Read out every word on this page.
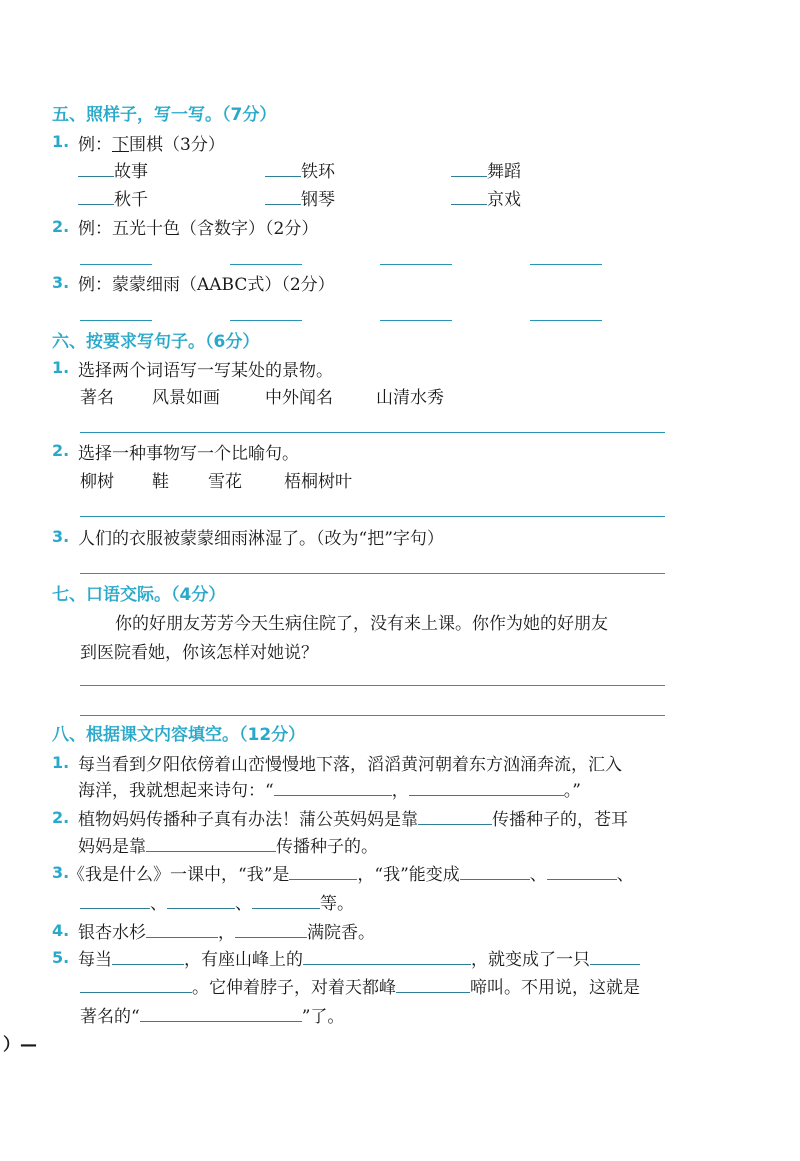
五、照样子，写一写。（7分）
1. 例：下围棋（3分）
故事	铁环	舞蹈
秋千	钢琴	京戏
2. 例：五光十色（含数字）（2分）
3. 例：蒙蒙细雨（AABC式）（2分）
六、按要求写句子。（6分）
1. 选择两个词语写一写某处的景物。
著名 风景如画	中外闻名	山清水秀
2. 选择一种事物写一个比喻句。
柳树 鞋 雪花 梧桐树叶
3. 人们的衣服被蒙蒙细雨淋湿了。（改为“把”字句）
七、口语交际。（4分）
你的好朋友芳芳今天生病住院了，没有来上课。你作为她的好朋友
到医院看她，你该怎样对她说？
八、根据课文内容填空。（12分）
1. 每当看到夕阳依傍着山峦慢慢地下落，滔滔黄河朝着东方汹涌奔流，汇入
海洋，我就想起来诗句：“	，	。”
2. 植物妈妈传播种子真有办法！蒲公英妈妈是靠	传播种子的，苍耳
妈妈是靠	传播种子的。
3.
《我是什么》一课中，“我”是	，“我”能变成	、	、
、	、	等。
4. 银杏水杉	，	满院香。
5. 每当	，有座山峰上的	，就变成了一只
。它伸着脖子，对着天都峰	啼叫。不用说，这就是
著名的“	”了。
）—
